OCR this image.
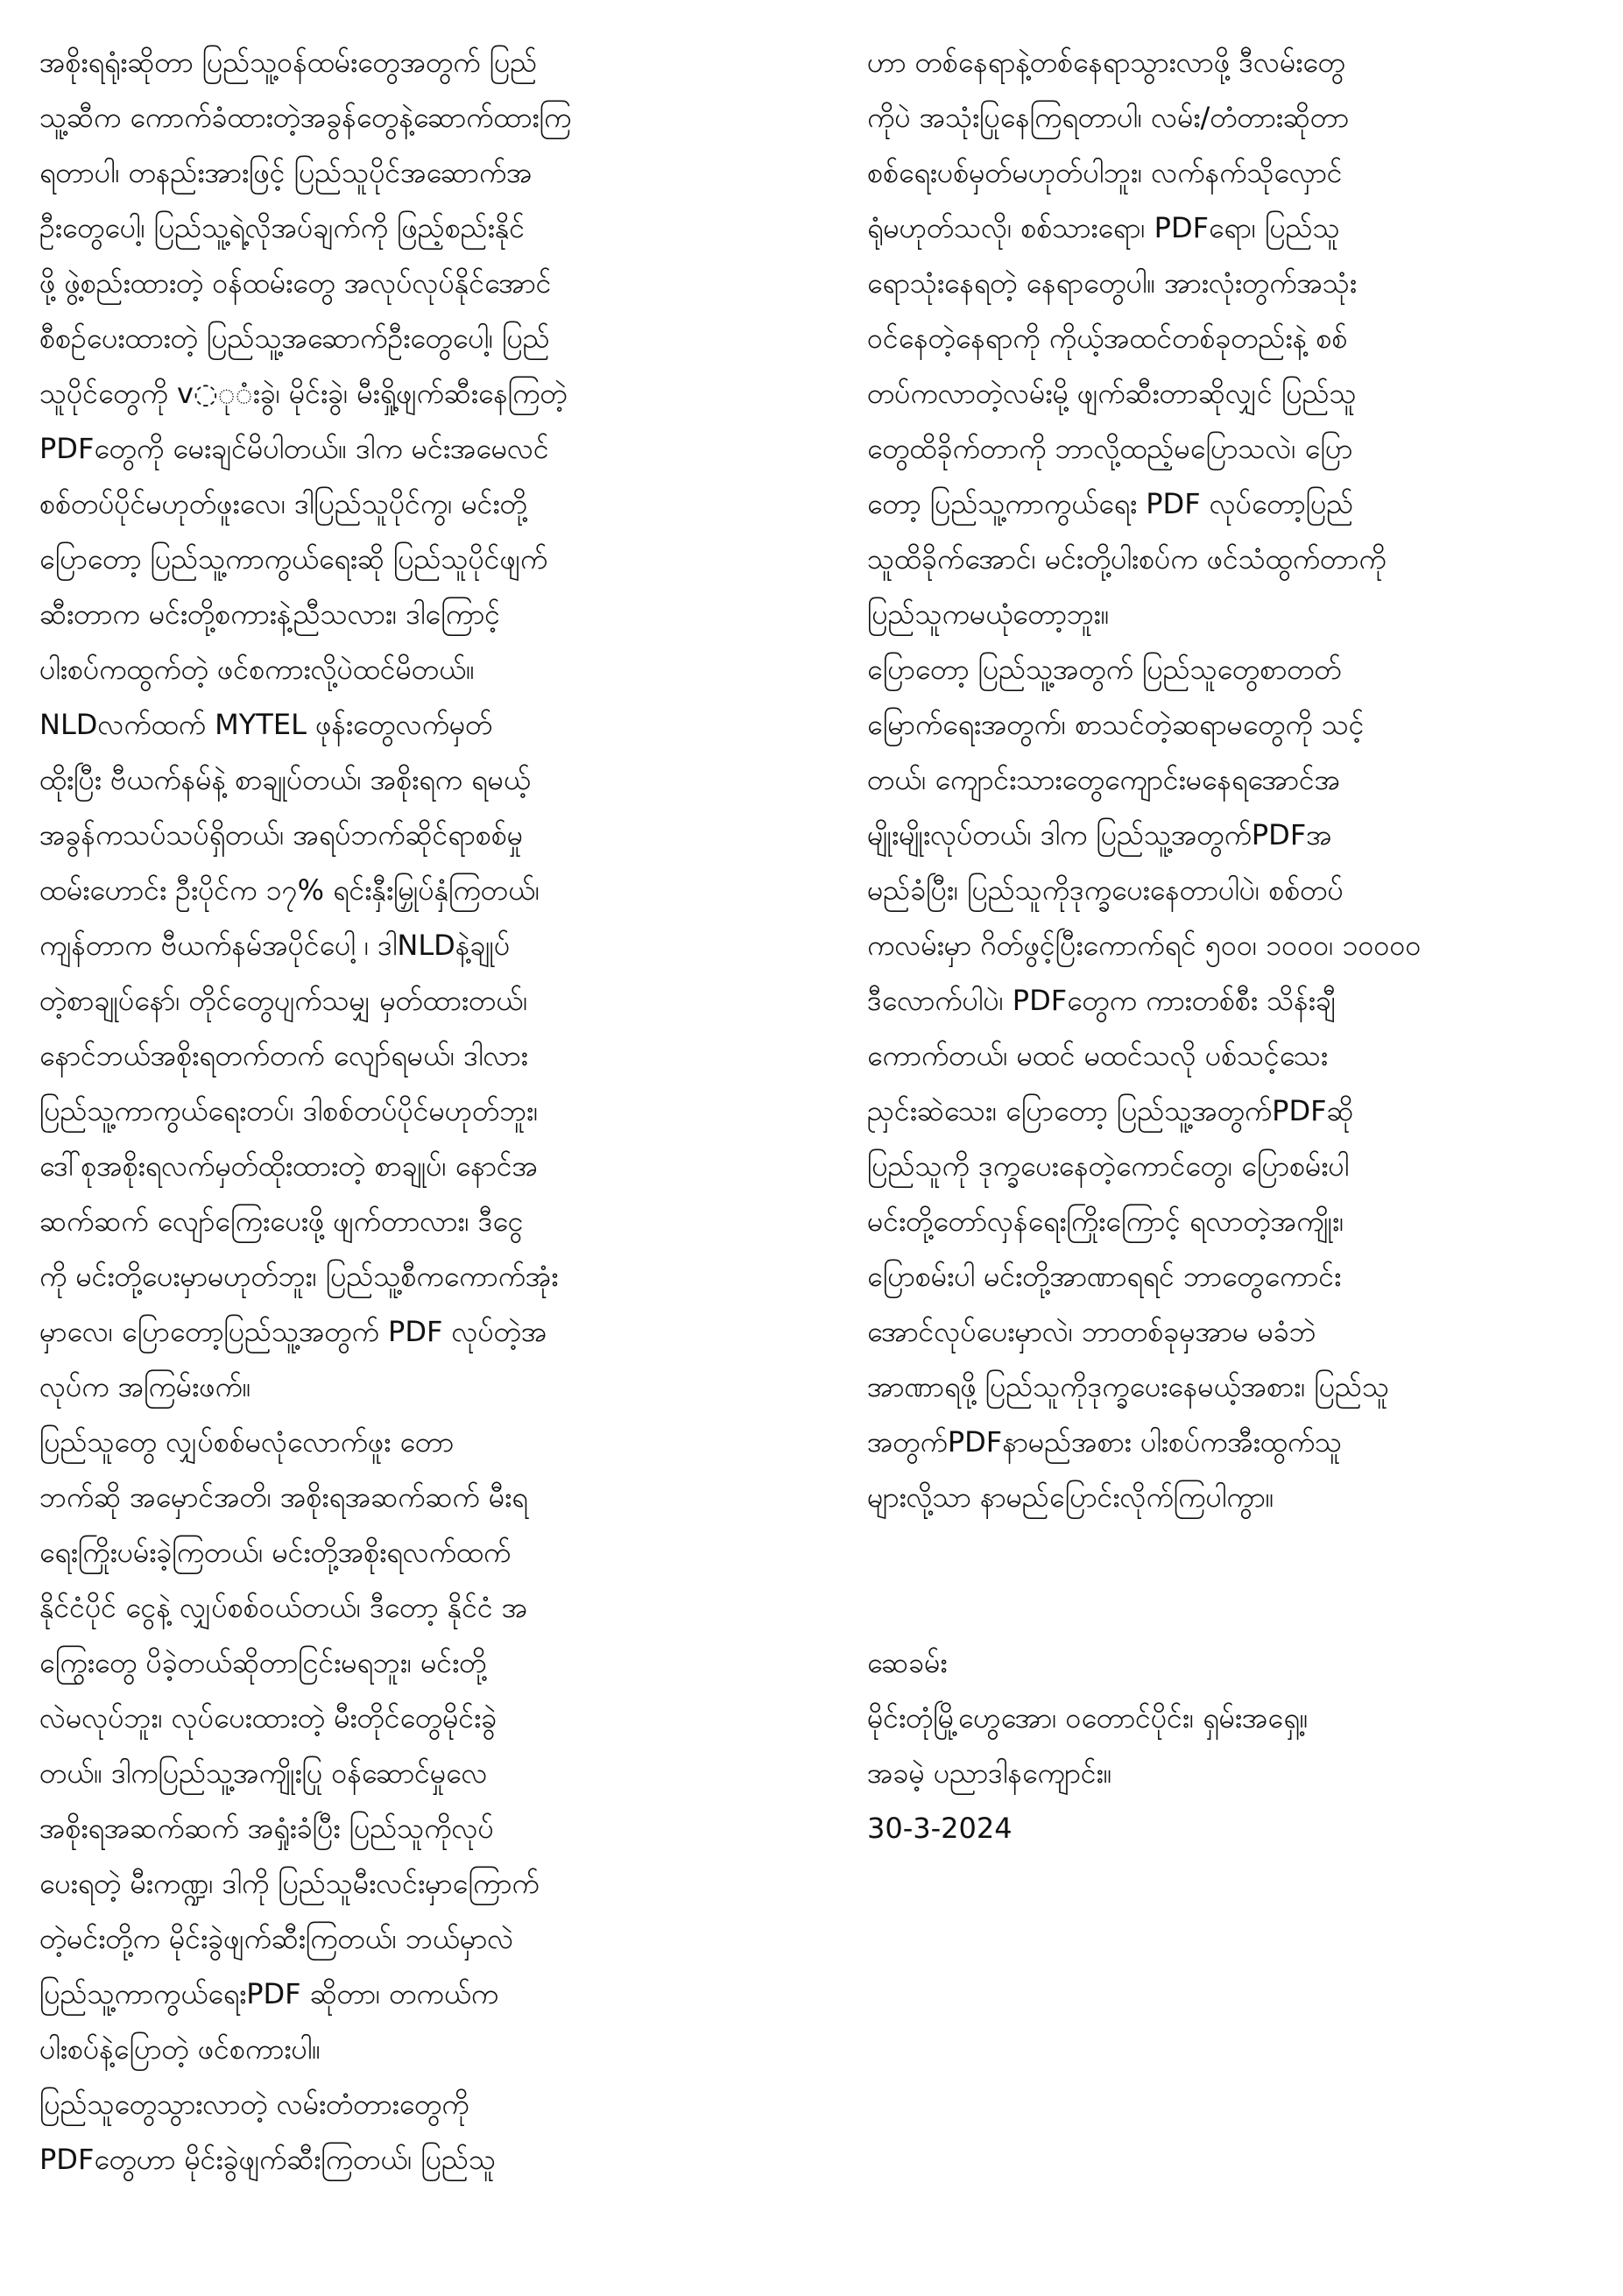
အစိုးရရုံးဆိုတာ ပြည်သူ့ဝန်ထမ်းတွေအတွက် ပြည်
သူ့ဆီက ကောက်ခံထားတဲ့အခွန်တွေနဲ့ဆောက်ထားကြ
ရတာပါ၊ တနည်းအားဖြင့် ပြည်သူပိုင်အဆောက်အ
ဦးတွေပေါ့၊ ပြည်သူ့ရဲ့လိုအပ်ချက်ကို ဖြည့်စည်းနိုင်
ဖို့ ဖွဲ့စည်းထားတဲ့ ဝန်ထမ်းတွေ အလုပ်လုပ်နိုင်အောင်
စီစဉ်ပေးထားတဲ့ ပြည်သူ့အဆောက်ဦးတွေပေါ့၊ ပြည်
သူပိုင်တွေကို v◌ု◌ံးခွဲ၊ မိုင်းခွဲ၊ မီးရှို့ဖျက်ဆီးနေကြတဲ့
PDFတွေကို မေးချင်မိပါတယ်။ ဒါက မင်းအမေလင်
စစ်တပ်ပိုင်မဟုတ်ဖူးလေ၊ ဒါပြည်သူပိုင်ကွ၊ မင်းတို့
ပြောတော့ ပြည်သူ့ကာကွယ်ရေးဆို ပြည်သူပိုင်ဖျက်
ဆီးတာက မင်းတို့စကားနဲ့ညီသလား၊ ဒါကြောင့်
ပါးစပ်ကထွက်တဲ့ ဖင်စကားလို့ပဲထင်မိတယ်။

NLDလက်ထက် MYTEL ဖုန်းတွေလက်မှတ်
ထိုးပြီး ဗီယက်နမ်နဲ့ စာချုပ်တယ်၊ အစိုးရက ရမယ့်
အခွန်ကသပ်သပ်ရှိတယ်၊ အရပ်ဘက်ဆိုင်ရာစစ်မှု
ထမ်းဟောင်း ဦးပိုင်က ၁၇% ရင်းနှီးမြှုပ်နှံကြတယ်၊
ကျန်တာက ဗီယက်နမ်အပိုင်ပေါ့ ၊ ဒါNLDနဲ့ချုပ်
တဲ့စာချုပ်နော်၊ တိုင်တွေပျက်သမျှ မှတ်ထားတယ်၊
နောင်ဘယ်အစိုးရတက်တက် လျော်ရမယ်၊ ဒါလား
ပြည်သူ့ကာကွယ်ရေးတပ်၊ ဒါစစ်တပ်ပိုင်မဟုတ်ဘူး၊
ဒေါ်စုအစိုးရလက်မှတ်ထိုးထားတဲ့ စာချုပ်၊ နောင်အ
ဆက်ဆက် လျော်ကြေးပေးဖို့ ဖျက်တာလား၊ ဒီငွေ
ကို မင်းတို့ပေးမှာမဟုတ်ဘူး၊ ပြည်သူ့စီကကောက်အုံး
မှာလေ၊ ပြောတော့ပြည်သူ့အတွက် PDF လုပ်တဲ့အ
လုပ်က အကြမ်းဖက်။

ပြည်သူတွေ လျှပ်စစ်မလုံလောက်ဖူး တော
ဘက်ဆို အမှောင်အတိ၊ အစိုးရအဆက်ဆက် မီးရ
ရေးကြိုးပမ်းခဲ့ကြတယ်၊ မင်းတို့အစိုးရလက်ထက်
နိုင်ငံပိုင် ငွေနဲ့ လျှပ်စစ်ဝယ်တယ်၊ ဒီတော့ နိုင်ငံ အ
ကြွေးတွေ ပိခဲ့တယ်ဆိုတာငြင်းမရဘူး၊ မင်းတို့
လဲမလုပ်ဘူး၊ လုပ်ပေးထားတဲ့ မီးတိုင်တွေမိုင်းခွဲ
တယ်။ ဒါကပြည်သူ့အကျိုးပြု ဝန်ဆောင်မှုလေ
အစိုးရအဆက်ဆက် အရှုံးခံပြီး ပြည်သူကိုလုပ်
ပေးရတဲ့ မီးကဏ္ဍ၊ ဒါကို ပြည်သူမီးလင်းမှာကြောက်
တဲ့မင်းတို့က မိုင်းခွဲဖျက်ဆီးကြတယ်၊ ဘယ်မှာလဲ
ပြည်သူ့ကာကွယ်ရေးPDF ဆိုတာ၊ တကယ်က
ပါးစပ်နဲ့ပြောတဲ့ ဖင်စကားပါ။

ပြည်သူတွေသွားလာတဲ့ လမ်းတံတားတွေကို
PDFတွေဟာ မိုင်းခွဲဖျက်ဆီးကြတယ်၊ ပြည်သူ

ဟာ တစ်နေရာနဲ့တစ်နေရာသွားလာဖို့ ဒီလမ်းတွေ
ကိုပဲ အသုံးပြုနေကြရတာပါ၊ လမ်း/တံတားဆိုတာ
စစ်ရေးပစ်မှတ်မဟုတ်ပါဘူး၊ လက်နက်သိုလှောင်
ရုံမဟုတ်သလို၊ စစ်သားရော၊ PDFရော၊ ပြည်သူ
ရောသုံးနေရတဲ့ နေရာတွေပါ။ အားလုံးတွက်အသုံး
ဝင်နေတဲ့နေရာကို ကိုယ့်အထင်တစ်ခုတည်းနဲ့ စစ်
တပ်ကလာတဲ့လမ်းမို့ ဖျက်ဆီးတာဆိုလျှင် ပြည်သူ
တွေထိခိုက်တာကို ဘာလို့ထည့်မပြောသလဲ၊ ပြော
တော့ ပြည်သူ့ကာကွယ်ရေး PDF လုပ်တော့ပြည်
သူထိခိုက်အောင်၊ မင်းတို့ပါးစပ်က ဖင်သံထွက်တာကို
ပြည်သူကမယုံတော့ဘူး။

ပြောတော့ ပြည်သူ့အတွက် ပြည်သူတွေစာတတ်
မြောက်ရေးအတွက်၊ စာသင်တဲ့ဆရာမတွေကို သင့်
တယ်၊ ကျောင်းသားတွေကျောင်းမနေရအောင်အ
မျိုးမျိုးလုပ်တယ်၊ ဒါက ပြည်သူ့အတွက်PDFအ
မည်ခံပြီး၊ ပြည်သူကိုဒုက္ခပေးနေတာပါပဲ၊ စစ်တပ်
ကလမ်းမှာ ဂိတ်ဖွင့်ပြီးကောက်ရင် ၅၀၀၊ ၁၀၀၀၊ ၁၀၀၀၀
ဒီလောက်ပါပဲ၊ PDFတွေက ကားတစ်စီး သိန်းချီ
ကောက်တယ်၊ မထင် မထင်သလို ပစ်သင့်သေး
ညှင်းဆဲသေး၊ ပြောတော့ ပြည်သူ့အတွက်PDFဆို
ပြည်သူကို ဒုက္ခပေးနေတဲ့ကောင်တွေ၊ ပြောစမ်းပါ
မင်းတို့တော်လှန်ရေးကြိုးကြောင့် ရလာတဲ့အကျိုး၊
ပြောစမ်းပါ မင်းတို့အာဏာရရင် ဘာတွေကောင်း
အောင်လုပ်ပေးမှာလဲ၊ ဘာတစ်ခုမှအာမ မခံဘဲ
အာဏာရဖို့ ပြည်သူကိုဒုက္ခပေးနေမယ့်အစား၊ ပြည်သူ
အတွက်PDFနာမည်အစား ပါးစပ်ကအီးထွက်သူ
များလို့သာ နာမည်ပြောင်းလိုက်ကြပါကွာ။

ဆေခမ်း
မိုင်းတုံမြို့ဟွေအော၊ ဝတောင်ပိုင်း၊ ရှမ်းအရှေ့။
အခမဲ့ ပညာဒါနကျောင်း။
30-3-2024
